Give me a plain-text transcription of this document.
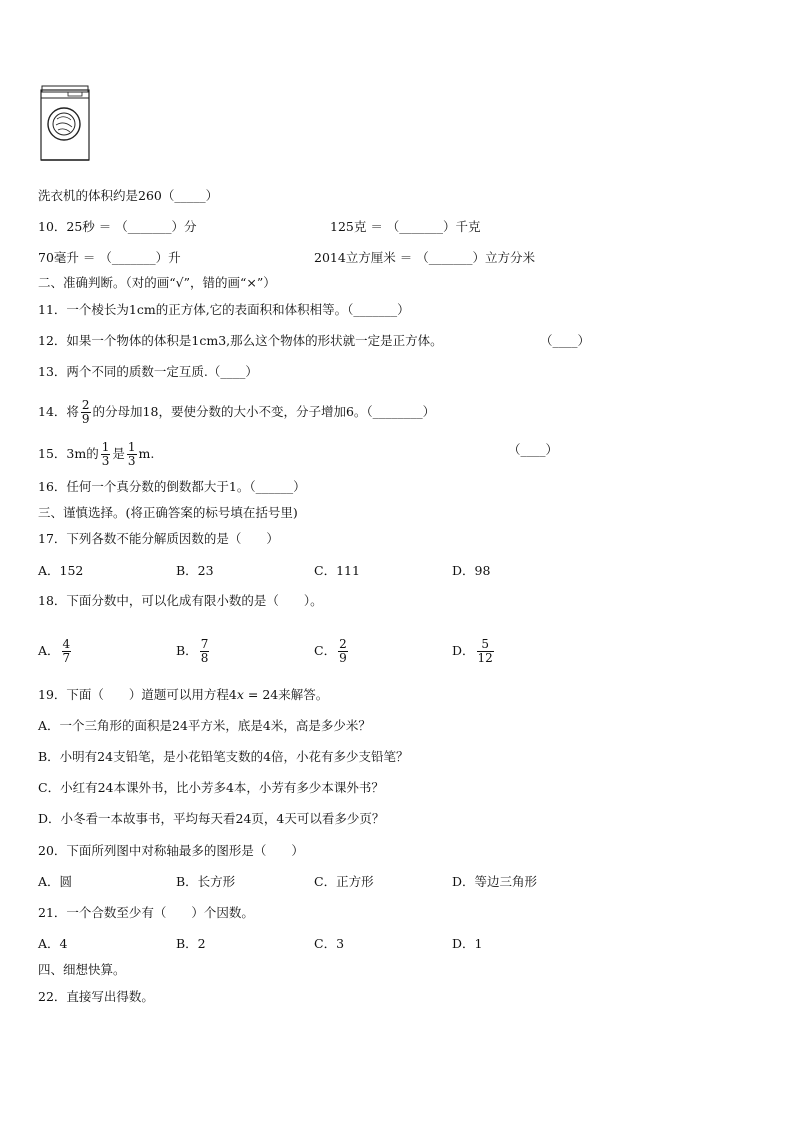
洗衣机的体积约是260（_____）
10．25秒 ＝ （_______）分	125克 ＝ （_______）千克
70毫升 ＝ （_______）升	2014立方厘米 ＝ （_______）立方分米
二、准确判断。（对的画“√”，错的画“×”）
11．一个棱长为1cm的正方体,它的表面积和体积相等。（_______）
12．如果一个物体的体积是1cm3,那么这个物体的形状就一定是正方体。	（____）
13．两个不同的质数一定互质.（____）
14．将 $\frac{2}{9}$ 的分母加18，要使分数的大小不变，分子增加6。（________）
15．3m的 $\frac{1}{3}$ 是 $\frac{1}{3} m$.	（____）
16．任何一个真分数的倒数都大于1。（______）
三、谨慎选择。(将正确答案的标号填在括号里)
17．下列各数不能分解质因数的是（　　）
A．152	B．23	C．111	D．98
18．下面分数中，可以化成有限小数的是（　　）。
A． $\frac{4}{7}$	B． $\frac{7}{8}$	C． $\frac{2}{9}$	D． $\frac{5}{12}$
19．下面（　　）道题可以用方程4x = 24来解答。
A．一个三角形的面积是24平方米，底是4米，高是多少米？
B．小明有24支铅笔，是小花铅笔支数的4倍，小花有多少支铅笔？
C．小红有24本课外书，比小芳多4本，小芳有多少本课外书？
D．小冬看一本故事书，平均每天看24页，4天可以看多少页？
20．下面所列图中对称轴最多的图形是（　　）
A．圆	B．长方形	C．正方形	D．等边三角形
21．一个合数至少有（　　）个因数。
A．4	B．2	C．3	D．1
四、细想快算。
22．直接写出得数。
